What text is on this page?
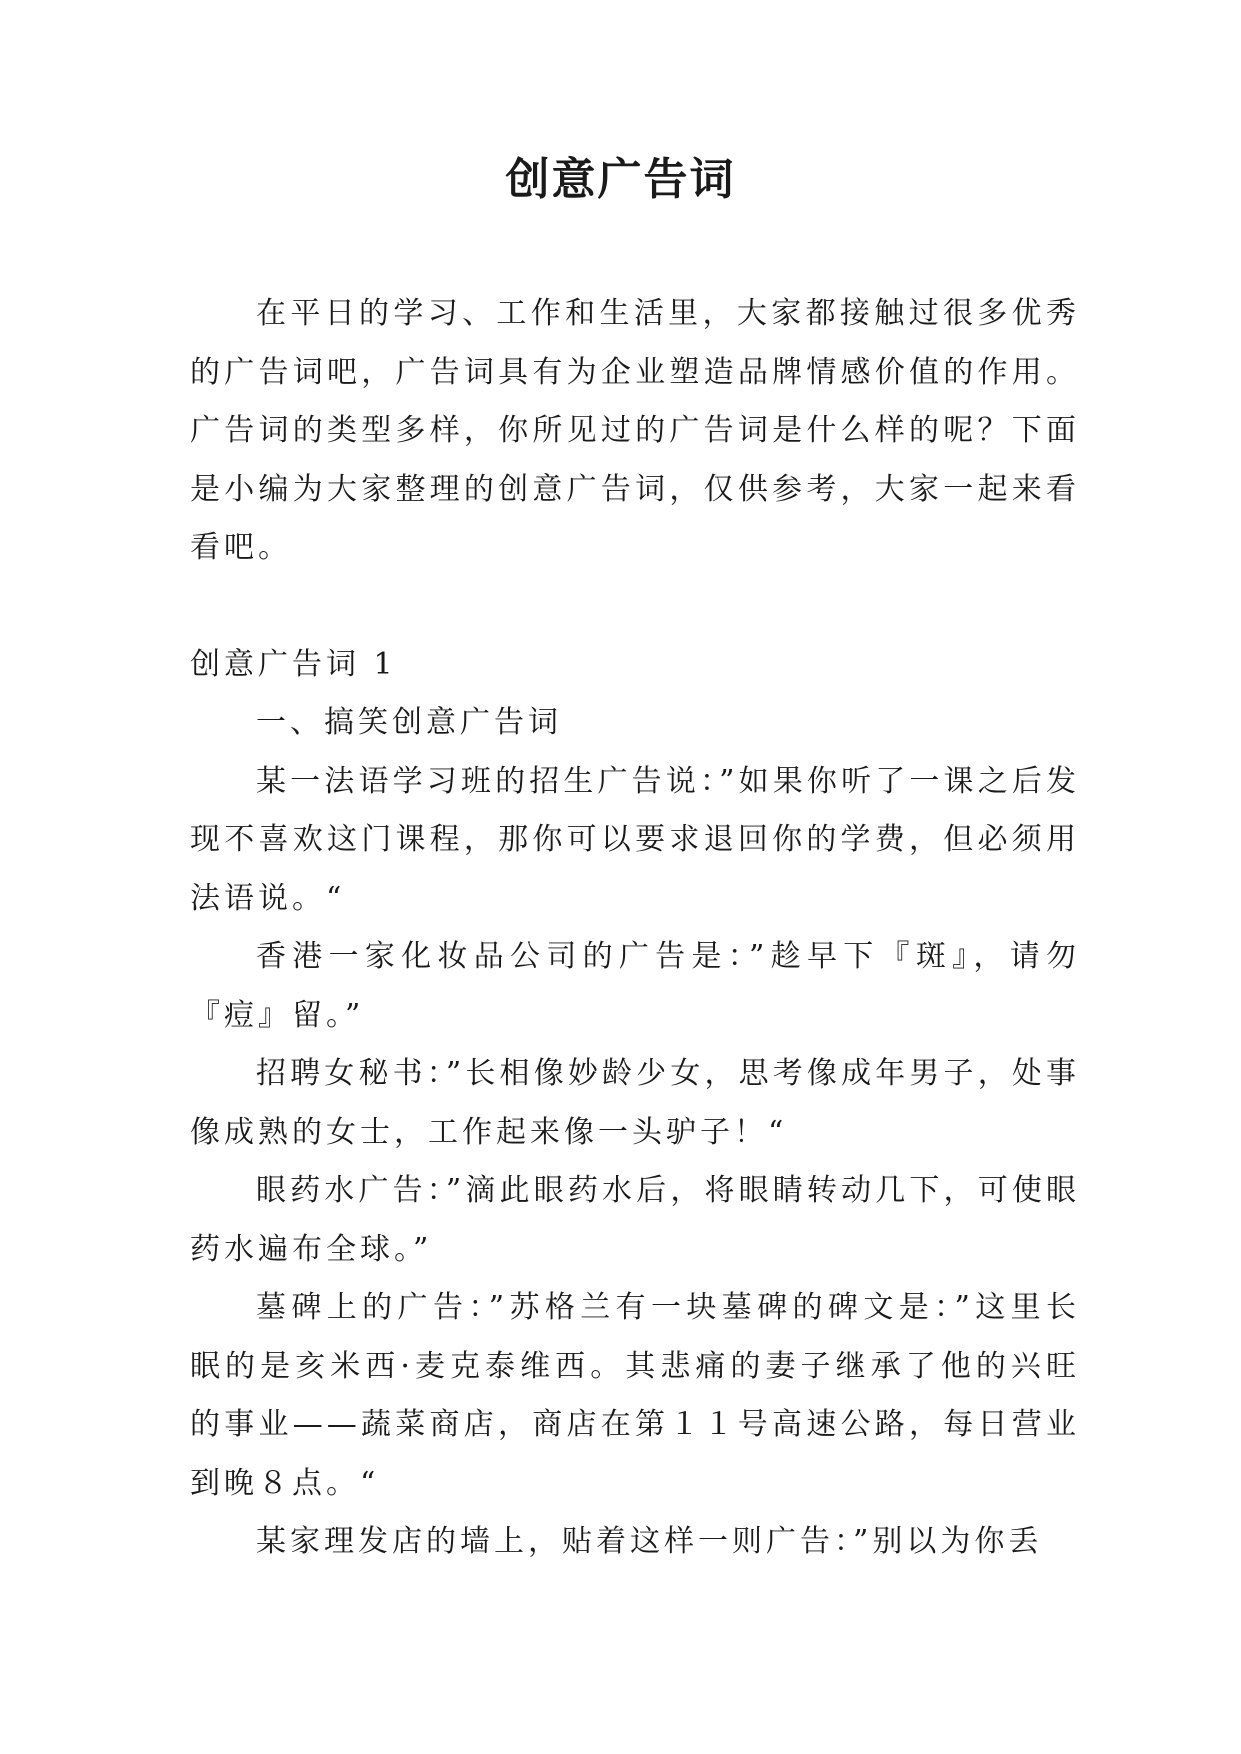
创意广告词

在平日的学习、工作和生活里，大家都接触过很多优秀的广告词吧，广告词具有为企业塑造品牌情感价值的作用。广告词的类型多样，你所见过的广告词是什么样的呢？下面是小编为大家整理的创意广告词，仅供参考，大家一起来看看吧。

创意广告词 1

一、搞笑创意广告词

某一法语学习班的招生广告说：”如果你听了一课之后发现不喜欢这门课程，那你可以要求退回你的学费，但必须用法语说。“

香港一家化妆品公司的广告是：”趁早下『斑』，请勿『痘』留。”

招聘女秘书：”长相像妙龄少女，思考像成年男子，处事像成熟的女士，工作起来像一头驴子！“

眼药水广告：”滴此眼药水后，将眼睛转动几下，可使眼药水遍布全球。”

墓碑上的广告：”苏格兰有一块墓碑的碑文是：”这里长眠的是亥米西·麦克泰维西。其悲痛的妻子继承了他的兴旺的事业——蔬菜商店，商店在第１１号高速公路，每日营业到晚８点。“

某家理发店的墙上，贴着这样一则广告：”别以为你丢
